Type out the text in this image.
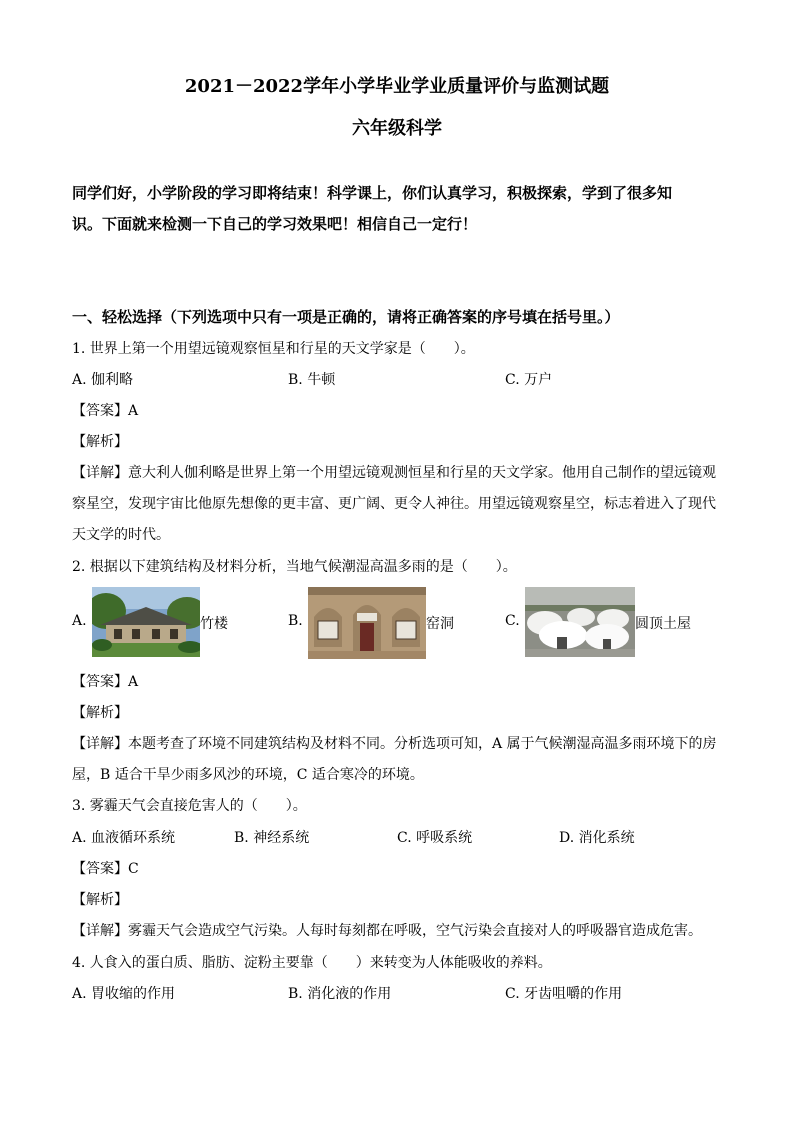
2021－2022学年小学毕业学业质量评价与监测试题
六年级科学
同学们好，小学阶段的学习即将结束！科学课上，你们认真学习，积极探索，学到了很多知
识。下面就来检测一下自己的学习效果吧！相信自己一定行！
一、轻松选择（下列选项中只有一项是正确的，请将正确答案的序号填在括号里。）
1. 世界上第一个用望远镜观察恒星和行星的天文学家是（　　）。
A. 伽利略	B. 牛顿	C. 万户
【答案】A
【解析】
【详解】意大利人伽利略是世界上第一个用望远镜观测恒星和行星的天文学家。他用自己制作的望远镜观
察星空，发现宇宙比他原先想像的更丰富、更广阔、更令人神往。用望远镜观察星空，标志着进入了现代
天文学的时代。
2. 根据以下建筑结构及材料分析，当地气候潮湿高温多雨的是（　　）。
A.	竹楼	B.	窑洞	C.	圆顶土屋
【答案】A
【解析】
【详解】本题考查了环境不同建筑结构及材料不同。分析选项可知，A 属于气候潮湿高温多雨环境下的房
屋，B 适合干旱少雨多风沙的环境，C 适合寒冷的环境。
3. 雾霾天气会直接危害人的（　　）。
A. 血液循环系统	B. 神经系统	C. 呼吸系统	D. 消化系统
【答案】C
【解析】
【详解】雾霾天气会造成空气污染。人每时每刻都在呼吸，空气污染会直接对人的呼吸器官造成危害。
4. 人食入的蛋白质、脂肪、淀粉主要靠（　　）来转变为人体能吸收的养料。
A. 胃收缩的作用	B. 消化液的作用	C. 牙齿咀嚼的作用
